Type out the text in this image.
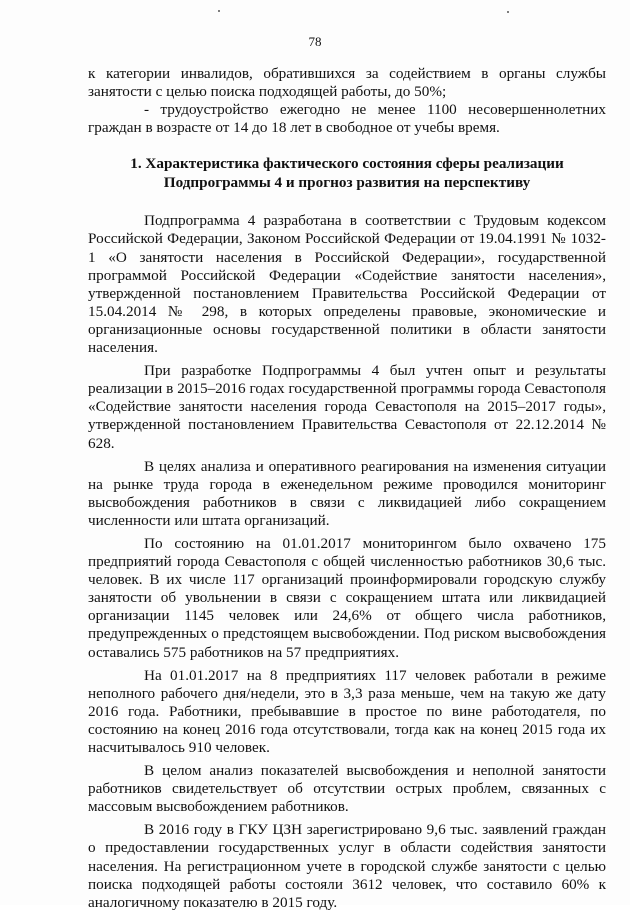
78

к категории инвалидов, обратившихся за содействием в органы службы занятости с целью поиска подходящей работы, до 50%;

- трудоустройство ежегодно не менее 1100 несовершеннолетних граждан в возрасте от 14 до 18 лет в свободное от учебы время.

1. Характеристика фактического состояния сферы реализации
Подпрограммы 4 и прогноз развития на перспективу

Подпрограмма 4 разработана в соответствии с Трудовым кодексом Российской Федерации, Законом Российской Федерации от 19.04.1991 № 1032-1 «О занятости населения в Российской Федерации», государственной программой Российской Федерации «Содействие занятости населения», утвержденной постановлением Правительства Российской Федерации от 15.04.2014 № 298, в которых определены правовые, экономические и организационные основы государственной политики в области занятости населения.

При разработке Подпрограммы 4 был учтен опыт и результаты реализации в 2015–2016 годах государственной программы города Севастополя «Содействие занятости населения города Севастополя на 2015–2017 годы», утвержденной постановлением Правительства Севастополя от 22.12.2014 № 628.

В целях анализа и оперативного реагирования на изменения ситуации на рынке труда города в еженедельном режиме проводился мониторинг высвобождения работников в связи с ликвидацией либо сокращением численности или штата организаций.

По состоянию на 01.01.2017 мониторингом было охвачено 175 предприятий города Севастополя с общей численностью работников 30,6 тыс. человек. В их числе 117 организаций проинформировали городскую службу занятости об увольнении в связи с сокращением штата или ликвидацией организации 1145 человек или 24,6% от общего числа работников, предупрежденных о предстоящем высвобождении. Под риском высвобождения оставались 575 работников на 57 предприятиях.

На 01.01.2017 на 8 предприятиях 117 человек работали в режиме неполного рабочего дня/недели, это в 3,3 раза меньше, чем на такую же дату 2016 года. Работники, пребывавшие в простое по вине работодателя, по состоянию на конец 2016 года отсутствовали, тогда как на конец 2015 года их насчитывалось 910 человек.

В целом анализ показателей высвобождения и неполной занятости работников свидетельствует об отсутствии острых проблем, связанных с массовым высвобождением работников.

В 2016 году в ГКУ ЦЗН зарегистрировано 9,6 тыс. заявлений граждан о предоставлении государственных услуг в области содействия занятости населения. На регистрационном учете в городской службе занятости с целью поиска подходящей работы состояли 3612 человек, что составило 60% к аналогичному показателю в 2015 году.
